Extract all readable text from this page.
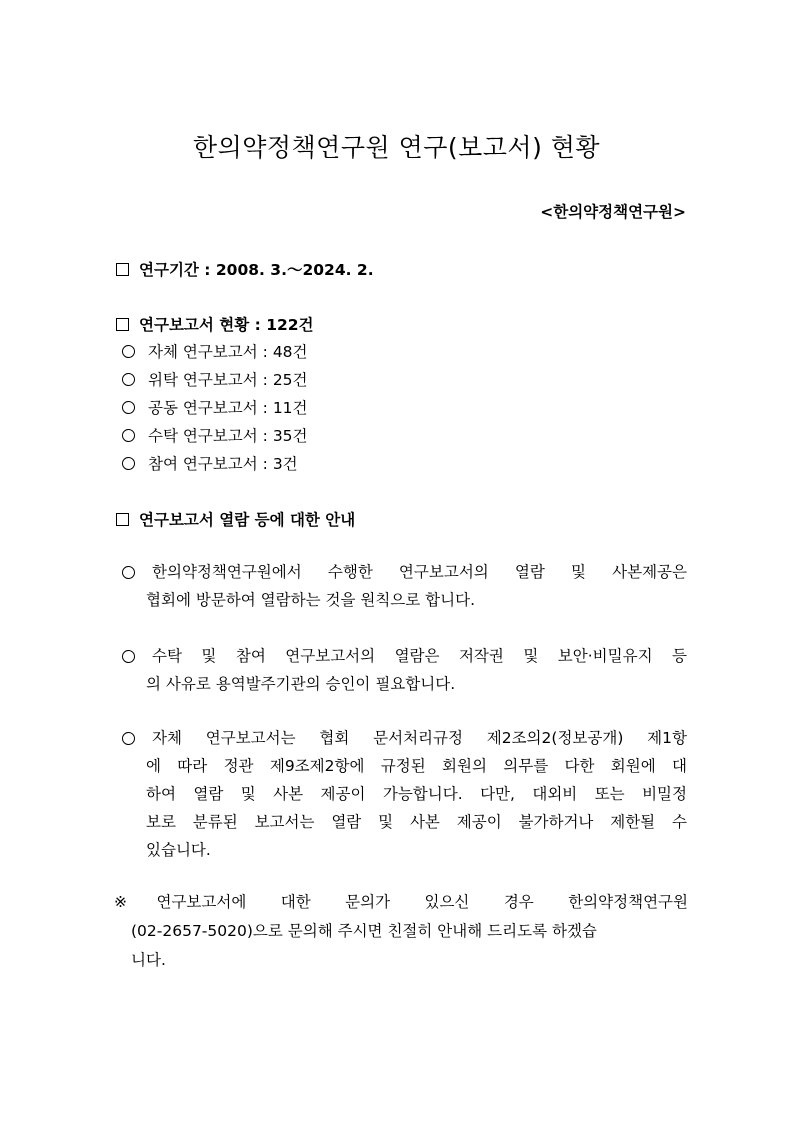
한의약정책연구원 연구(보고서) 현황
<한의약정책연구원>
연구기간 : 2008. 3.～2024. 2.
연구보고서 현황 : 122건
자체 연구보고서 : 48건
위탁 연구보고서 : 25건
공동 연구보고서 : 11건
수탁 연구보고서 : 35건
참여 연구보고서 : 3건
연구보고서 열람 등에 대한 안내
한의약정책연구원에서 수행한 연구보고서의 열람 및 사본제공은
협회에 방문하여 열람하는 것을 원칙으로 합니다.
수탁 및 참여 연구보고서의 열람은 저작권 및 보안·비밀유지 등
의 사유로 용역발주기관의 승인이 필요합니다.
자체 연구보고서는 협회 문서처리규정 제2조의2(정보공개) 제1항
에 따라 정관 제9조제2항에 규정된 회원의 의무를 다한 회원에 대
하여 열람 및 사본 제공이 가능합니다. 다만, 대외비 또는 비밀정
보로 분류된 보고서는 열람 및 사본 제공이 불가하거나 제한될 수
있습니다.
※연구보고서에 대한 문의가 있으신 경우 한의약정책연구원
(02-2657-5020)으로 문의해 주시면 친절히 안내해 드리도록 하겠습
니다.
